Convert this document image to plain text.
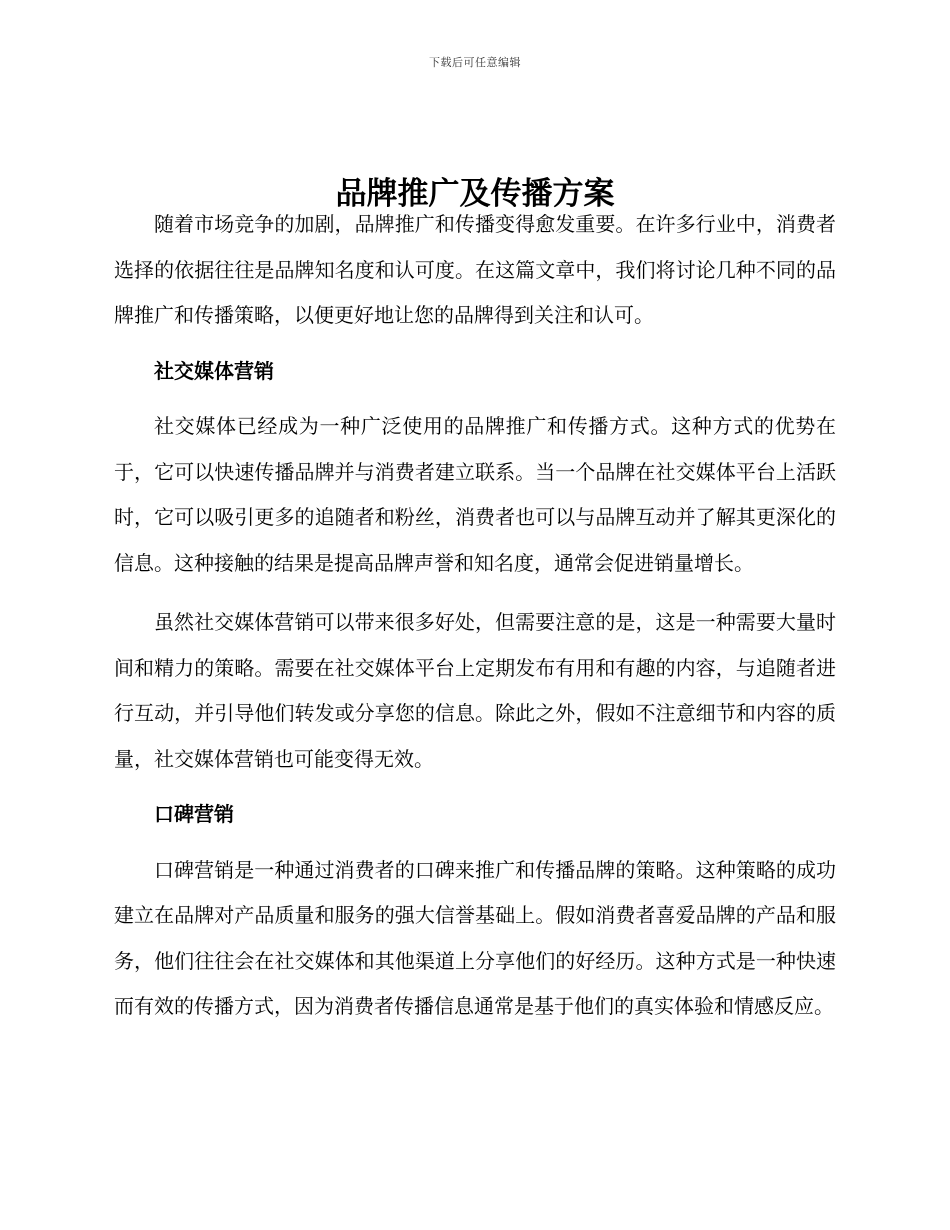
下载后可任意编辑
品牌推广及传播方案

随着市场竞争的加剧，品牌推广和传播变得愈发重要。在许多行业中，消费者选择的依据往往是品牌知名度和认可度。在这篇文章中，我们将讨论几种不同的品牌推广和传播策略，以便更好地让您的品牌得到关注和认可。

社交媒体营销

社交媒体已经成为一种广泛使用的品牌推广和传播方式。这种方式的优势在于，它可以快速传播品牌并与消费者建立联系。当一个品牌在社交媒体平台上活跃时，它可以吸引更多的追随者和粉丝，消费者也可以与品牌互动并了解其更深化的信息。这种接触的结果是提高品牌声誉和知名度，通常会促进销量增长。

虽然社交媒体营销可以带来很多好处，但需要注意的是，这是一种需要大量时间和精力的策略。需要在社交媒体平台上定期发布有用和有趣的内容，与追随者进行互动，并引导他们转发或分享您的信息。除此之外，假如不注意细节和内容的质量，社交媒体营销也可能变得无效。

口碑营销

口碑营销是一种通过消费者的口碑来推广和传播品牌的策略。这种策略的成功建立在品牌对产品质量和服务的强大信誉基础上。假如消费者喜爱品牌的产品和服务，他们往往会在社交媒体和其他渠道上分享他们的好经历。这种方式是一种快速而有效的传播方式，因为消费者传播信息通常是基于他们的真实体验和情感反应。
